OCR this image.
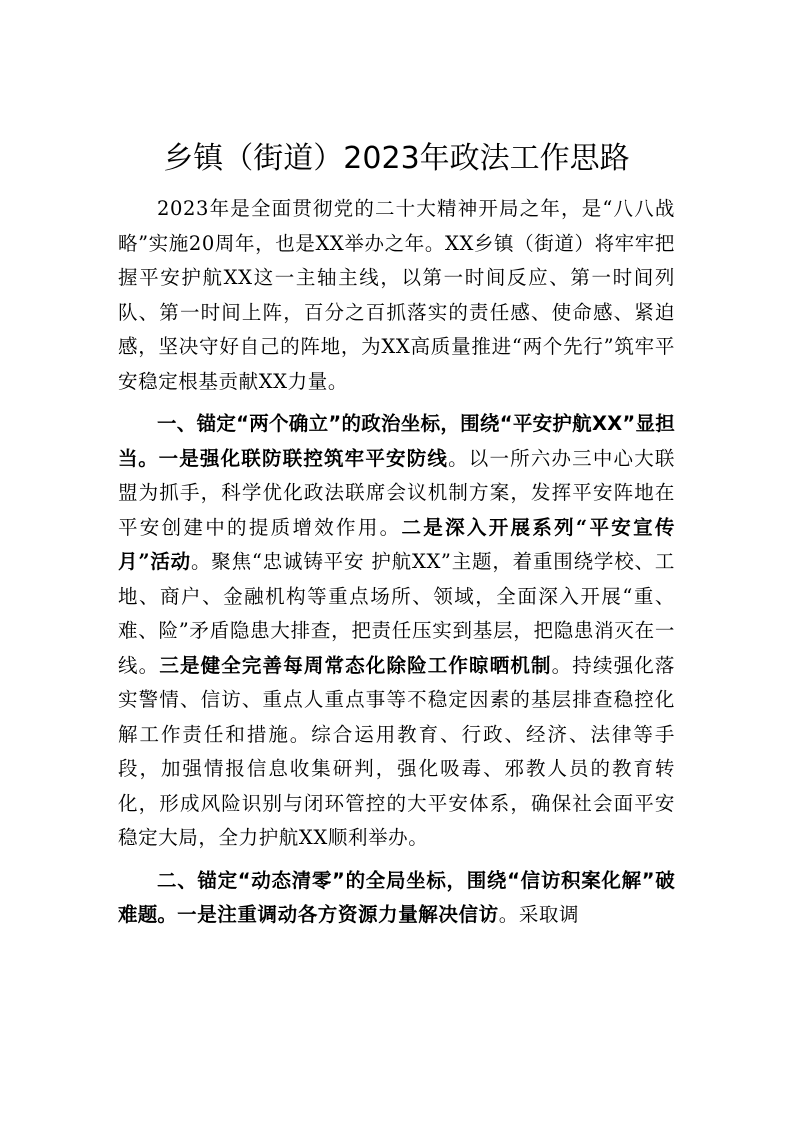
乡镇（街道）2023年政法工作思路

2023年是全面贯彻党的二十大精神开局之年，是“八八战略”实施20周年，也是XX举办之年。XX乡镇（街道）将牢牢把握平安护航XX这一主轴主线，以第一时间反应、第一时间列队、第一时间上阵，百分之百抓落实的责任感、使命感、紧迫感，坚决守好自己的阵地，为XX高质量推进“两个先行”筑牢平安稳定根基贡献XX力量。

一、锚定“两个确立”的政治坐标，围绕“平安护航XX”显担当。一是强化联防联控筑牢平安防线。以一所六办三中心大联盟为抓手，科学优化政法联席会议机制方案，发挥平安阵地在平安创建中的提质增效作用。二是深入开展系列“平安宣传月”活动。聚焦“忠诚铸平安 护航XX”主题，着重围绕学校、工地、商户、金融机构等重点场所、领域，全面深入开展“重、难、险”矛盾隐患大排查，把责任压实到基层，把隐患消灭在一线。三是健全完善每周常态化除险工作晾晒机制。持续强化落实警情、信访、重点人重点事等不稳定因素的基层排查稳控化解工作责任和措施。综合运用教育、行政、经济、法律等手段，加强情报信息收集研判，强化吸毒、邪教人员的教育转化，形成风险识别与闭环管控的大平安体系，确保社会面平安稳定大局，全力护航XX顺利举办。

二、锚定“动态清零”的全局坐标，围绕“信访积案化解”破难题。一是注重调动各方资源力量解决信访。采取调
